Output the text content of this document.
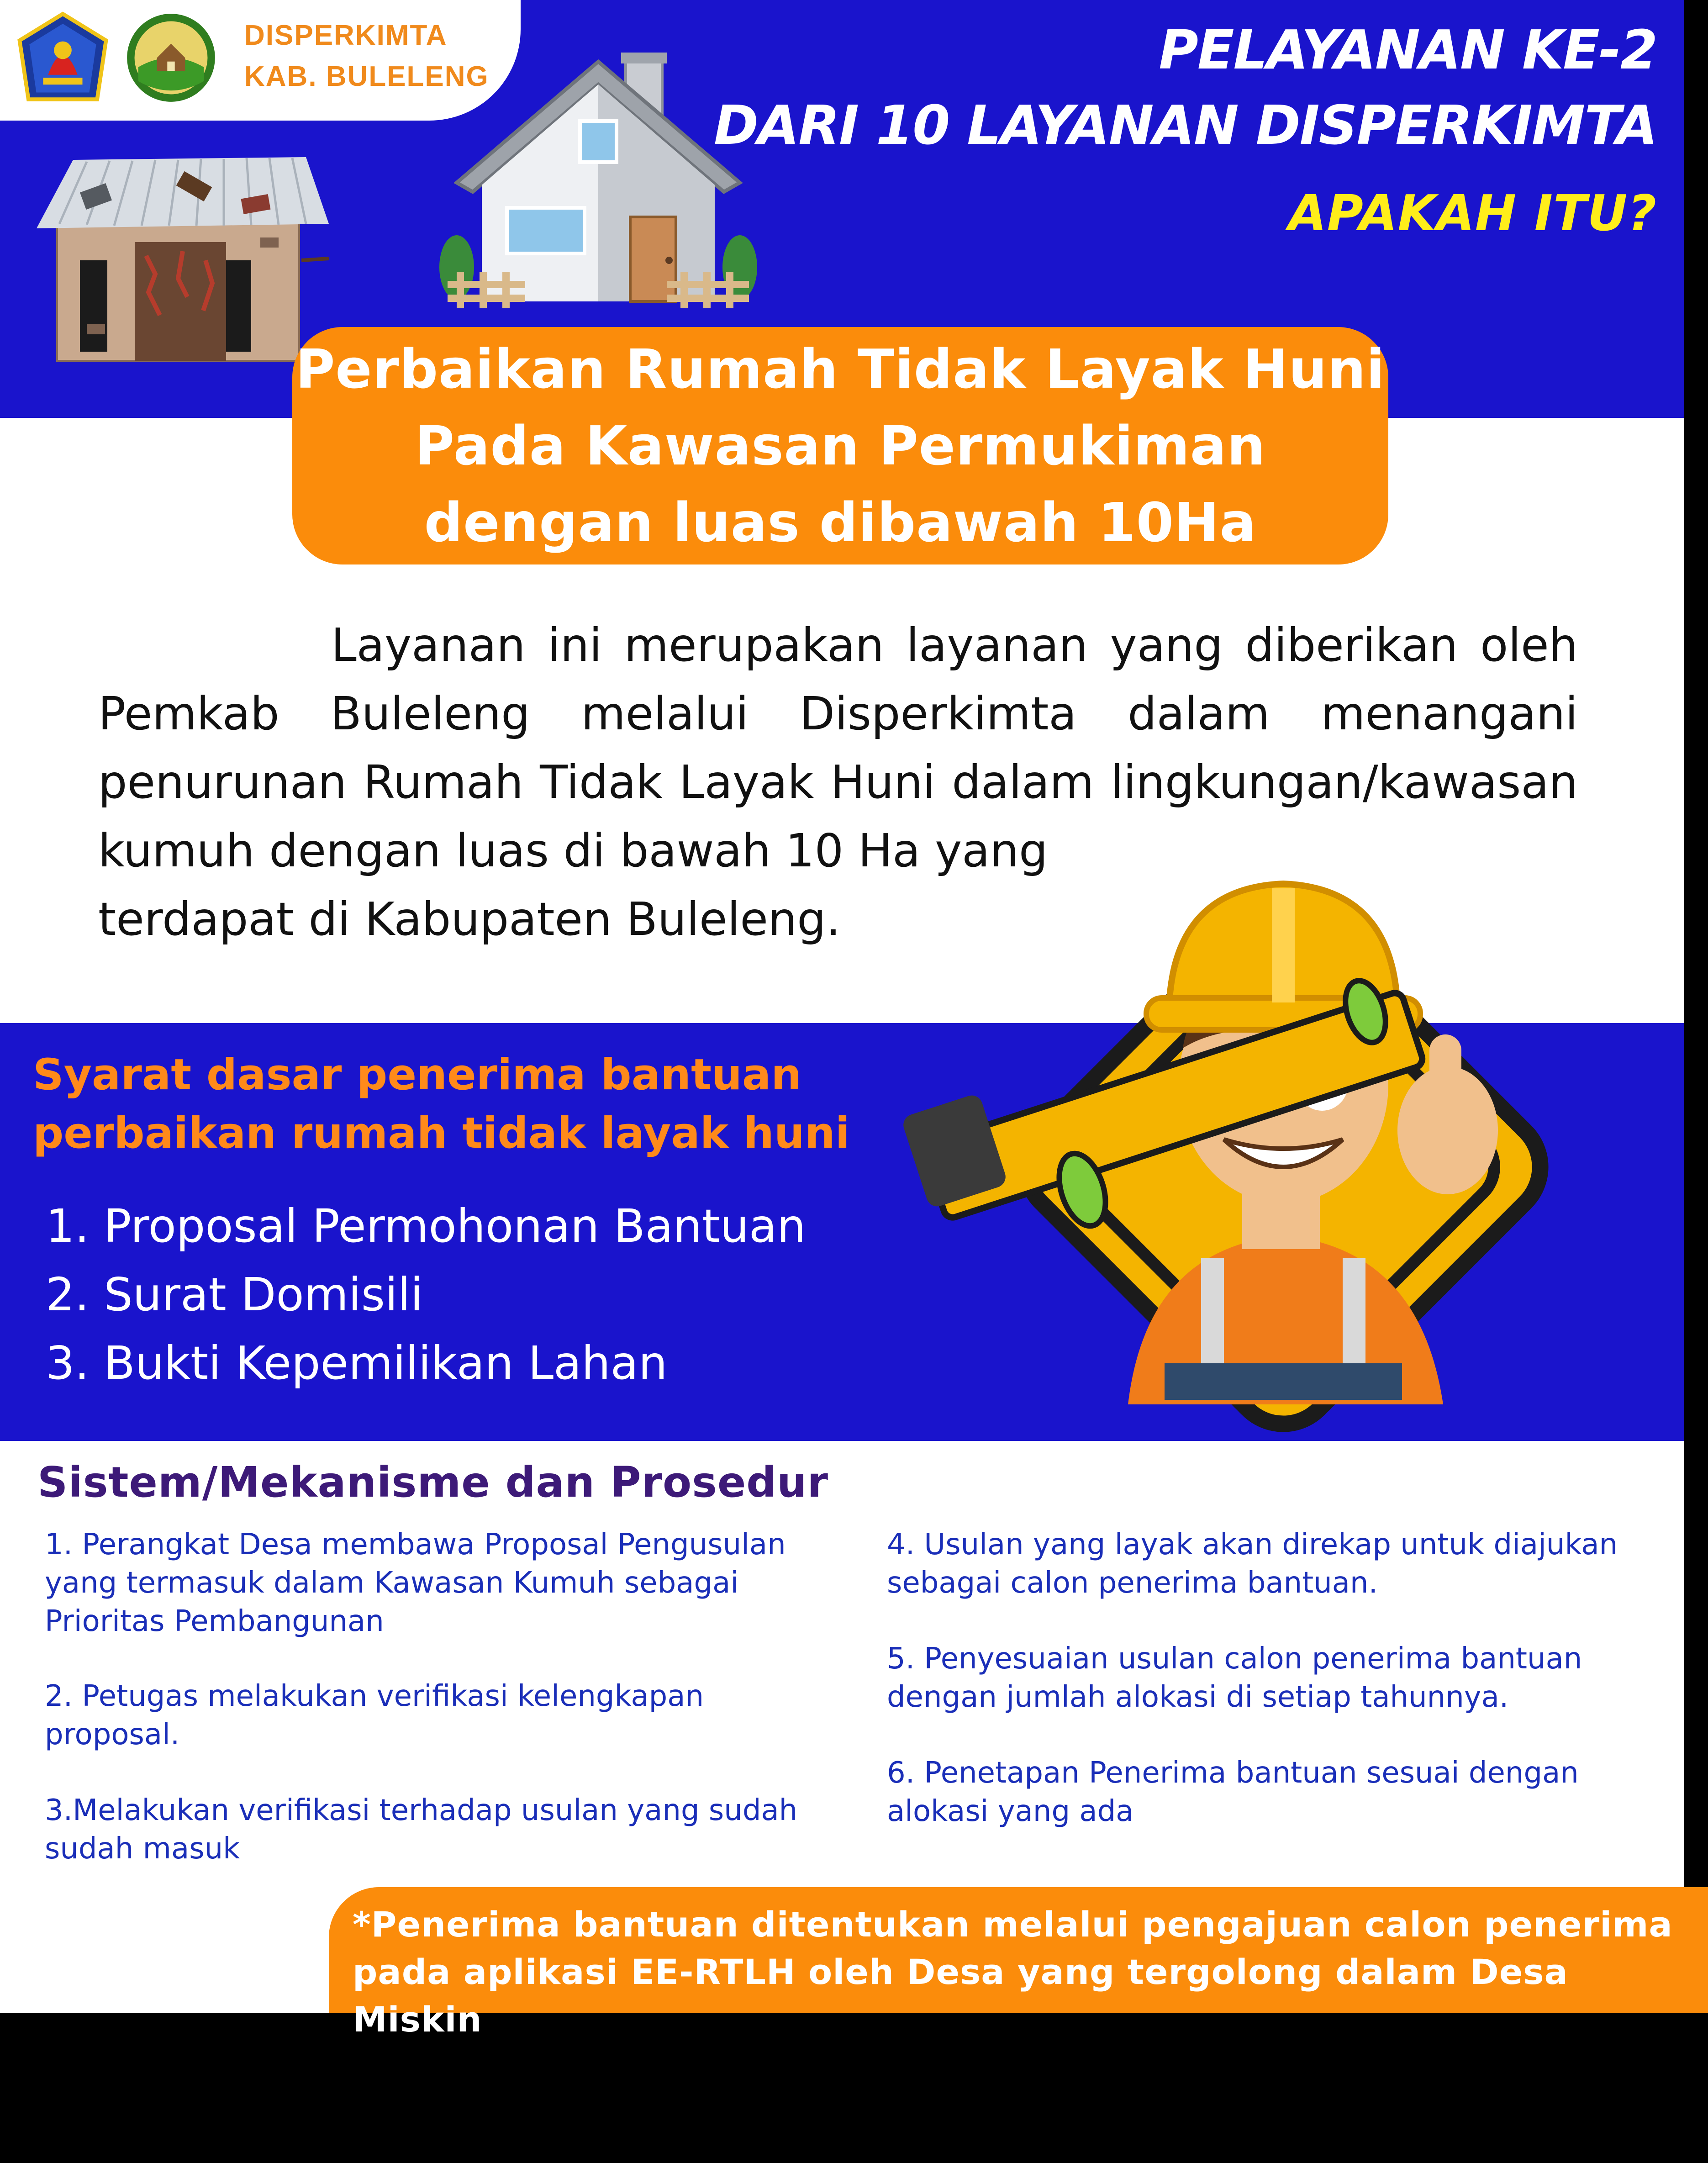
DISPERKIMTA
KAB. BULELENG	PELAYANAN KE-2
DARI 10 LAYANAN DISPERKIMTA
APAKAH ITU?
Perbaikan Rumah Tidak Layak Huni
Pada Kawasan Permukiman
dengan luas dibawah 10Ha
Layanan ini merupakan layanan yang diberikan oleh
Pemkab Buleleng melalui Disperkimta dalam menangani
penurunan Rumah Tidak Layak Huni dalam lingkungan/kawasan
kumuh dengan luas di bawah 10 Ha yang
terdapat di Kabupaten Buleleng.
Syarat dasar penerima bantuan
perbaikan rumah tidak layak huni
1. Proposal Permohonan Bantuan
2. Surat Domisili
3. Bukti Kepemilikan Lahan
Sistem/Mekanisme dan Prosedur
1. Perangkat Desa membawa Proposal Pengusulan yang termasuk dalam Kawasan Kumuh sebagai Prioritas Pembangunan
2. Petugas melakukan verifikasi kelengkapan proposal.
3.Melakukan verifikasi terhadap usulan yang sudah sudah masuk
4. Usulan yang layak akan direkap untuk diajukan sebagai calon penerima bantuan.
5. Penyesuaian usulan calon penerima bantuan dengan jumlah alokasi di setiap tahunnya.
6. Penetapan Penerima bantuan sesuai dengan alokasi yang ada
*Penerima bantuan ditentukan melalui pengajuan calon penerima pada aplikasi EE-RTLH oleh Desa yang tergolong dalam Desa Miskin
